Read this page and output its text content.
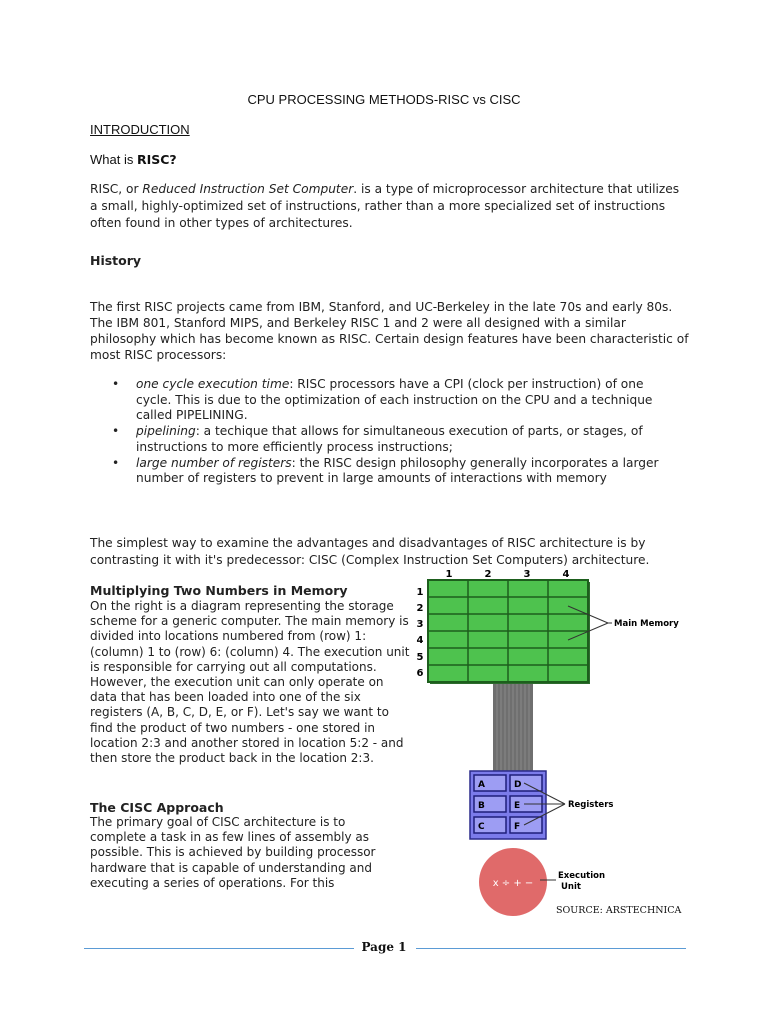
CPU PROCESSING METHODS-RISC vs CISC
INTRODUCTION
What is RISC?
RISC, or Reduced Instruction Set Computer. is a type of microprocessor architecture that utilizes a small, highly-optimized set of instructions, rather than a more specialized set of instructions often found in other types of architectures.
History
The first RISC projects came from IBM, Stanford, and UC-Berkeley in the late 70s and early 80s. The IBM 801, Stanford MIPS, and Berkeley RISC 1 and 2 were all designed with a similar philosophy which has become known as RISC. Certain design features have been characteristic of most RISC processors:
• one cycle execution time: RISC processors have a CPI (clock per instruction) of one cycle. This is due to the optimization of each instruction on the CPU and a technique called PIPELINING.
• pipelining: a techique that allows for simultaneous execution of parts, or stages, of instructions to more efficiently process instructions;
• large number of registers: the RISC design philosophy generally incorporates a larger number of registers to prevent in large amounts of interactions with memory
The simplest way to examine the advantages and disadvantages of RISC architecture is by contrasting it with it's predecessor: CISC (Complex Instruction Set Computers) architecture.
Multiplying Two Numbers in Memory
On the right is a diagram representing the storage scheme for a generic computer. The main memory is divided into locations numbered from (row) 1: (column) 1 to (row) 6: (column) 4. The execution unit is responsible for carrying out all computations. However, the execution unit can only operate on data that has been loaded into one of the six registers (A, B, C, D, E, or F). Let's say we want to find the product of two numbers - one stored in location 2:3 and another stored in location 5:2 - and then store the product back in the location 2:3.
The CISC Approach
The primary goal of CISC architecture is to complete a task in as few lines of assembly as possible. This is achieved by building processor hardware that is capable of understanding and executing a series of operations. For this
1	2	3	4
1
2
3
4
5
6
Main Memory
A	D
B	E
C	F
Registers
x ÷ + −
Execution
Unit
SOURCE: ARSTECHNICA
Page 1
